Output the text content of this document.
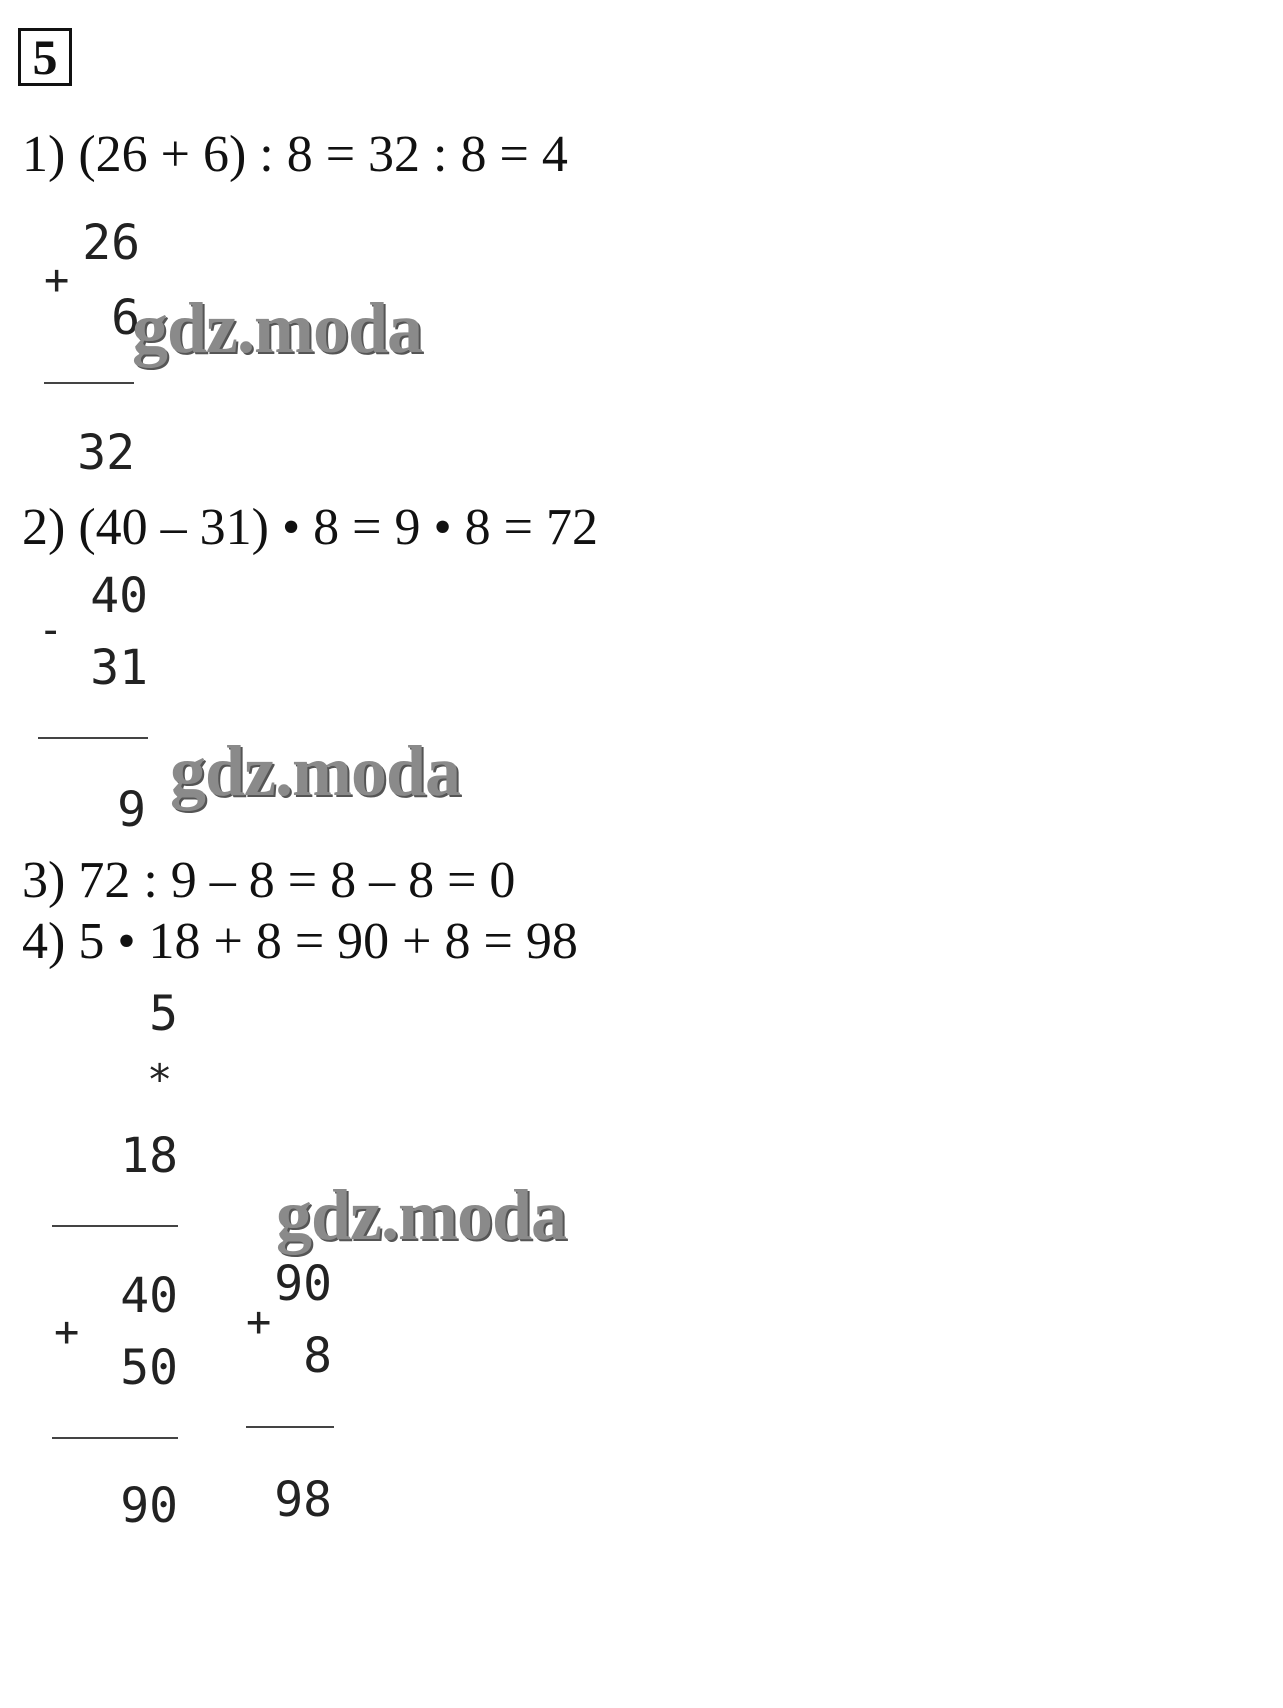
5
1) (26 + 6) : 8 = 32 : 8 = 4
26
+
6
32
gdz.moda
2) (40 – 31) • 8 = 9 • 8 = 72
40
-
31
9 gdz.moda
3) 72 : 9 – 8 = 8 – 8 = 0
4) 5 • 18 + 8 = 90 + 8 = 98
5
*
18
gdz.moda
40
+
50
90
90
+
8
98
